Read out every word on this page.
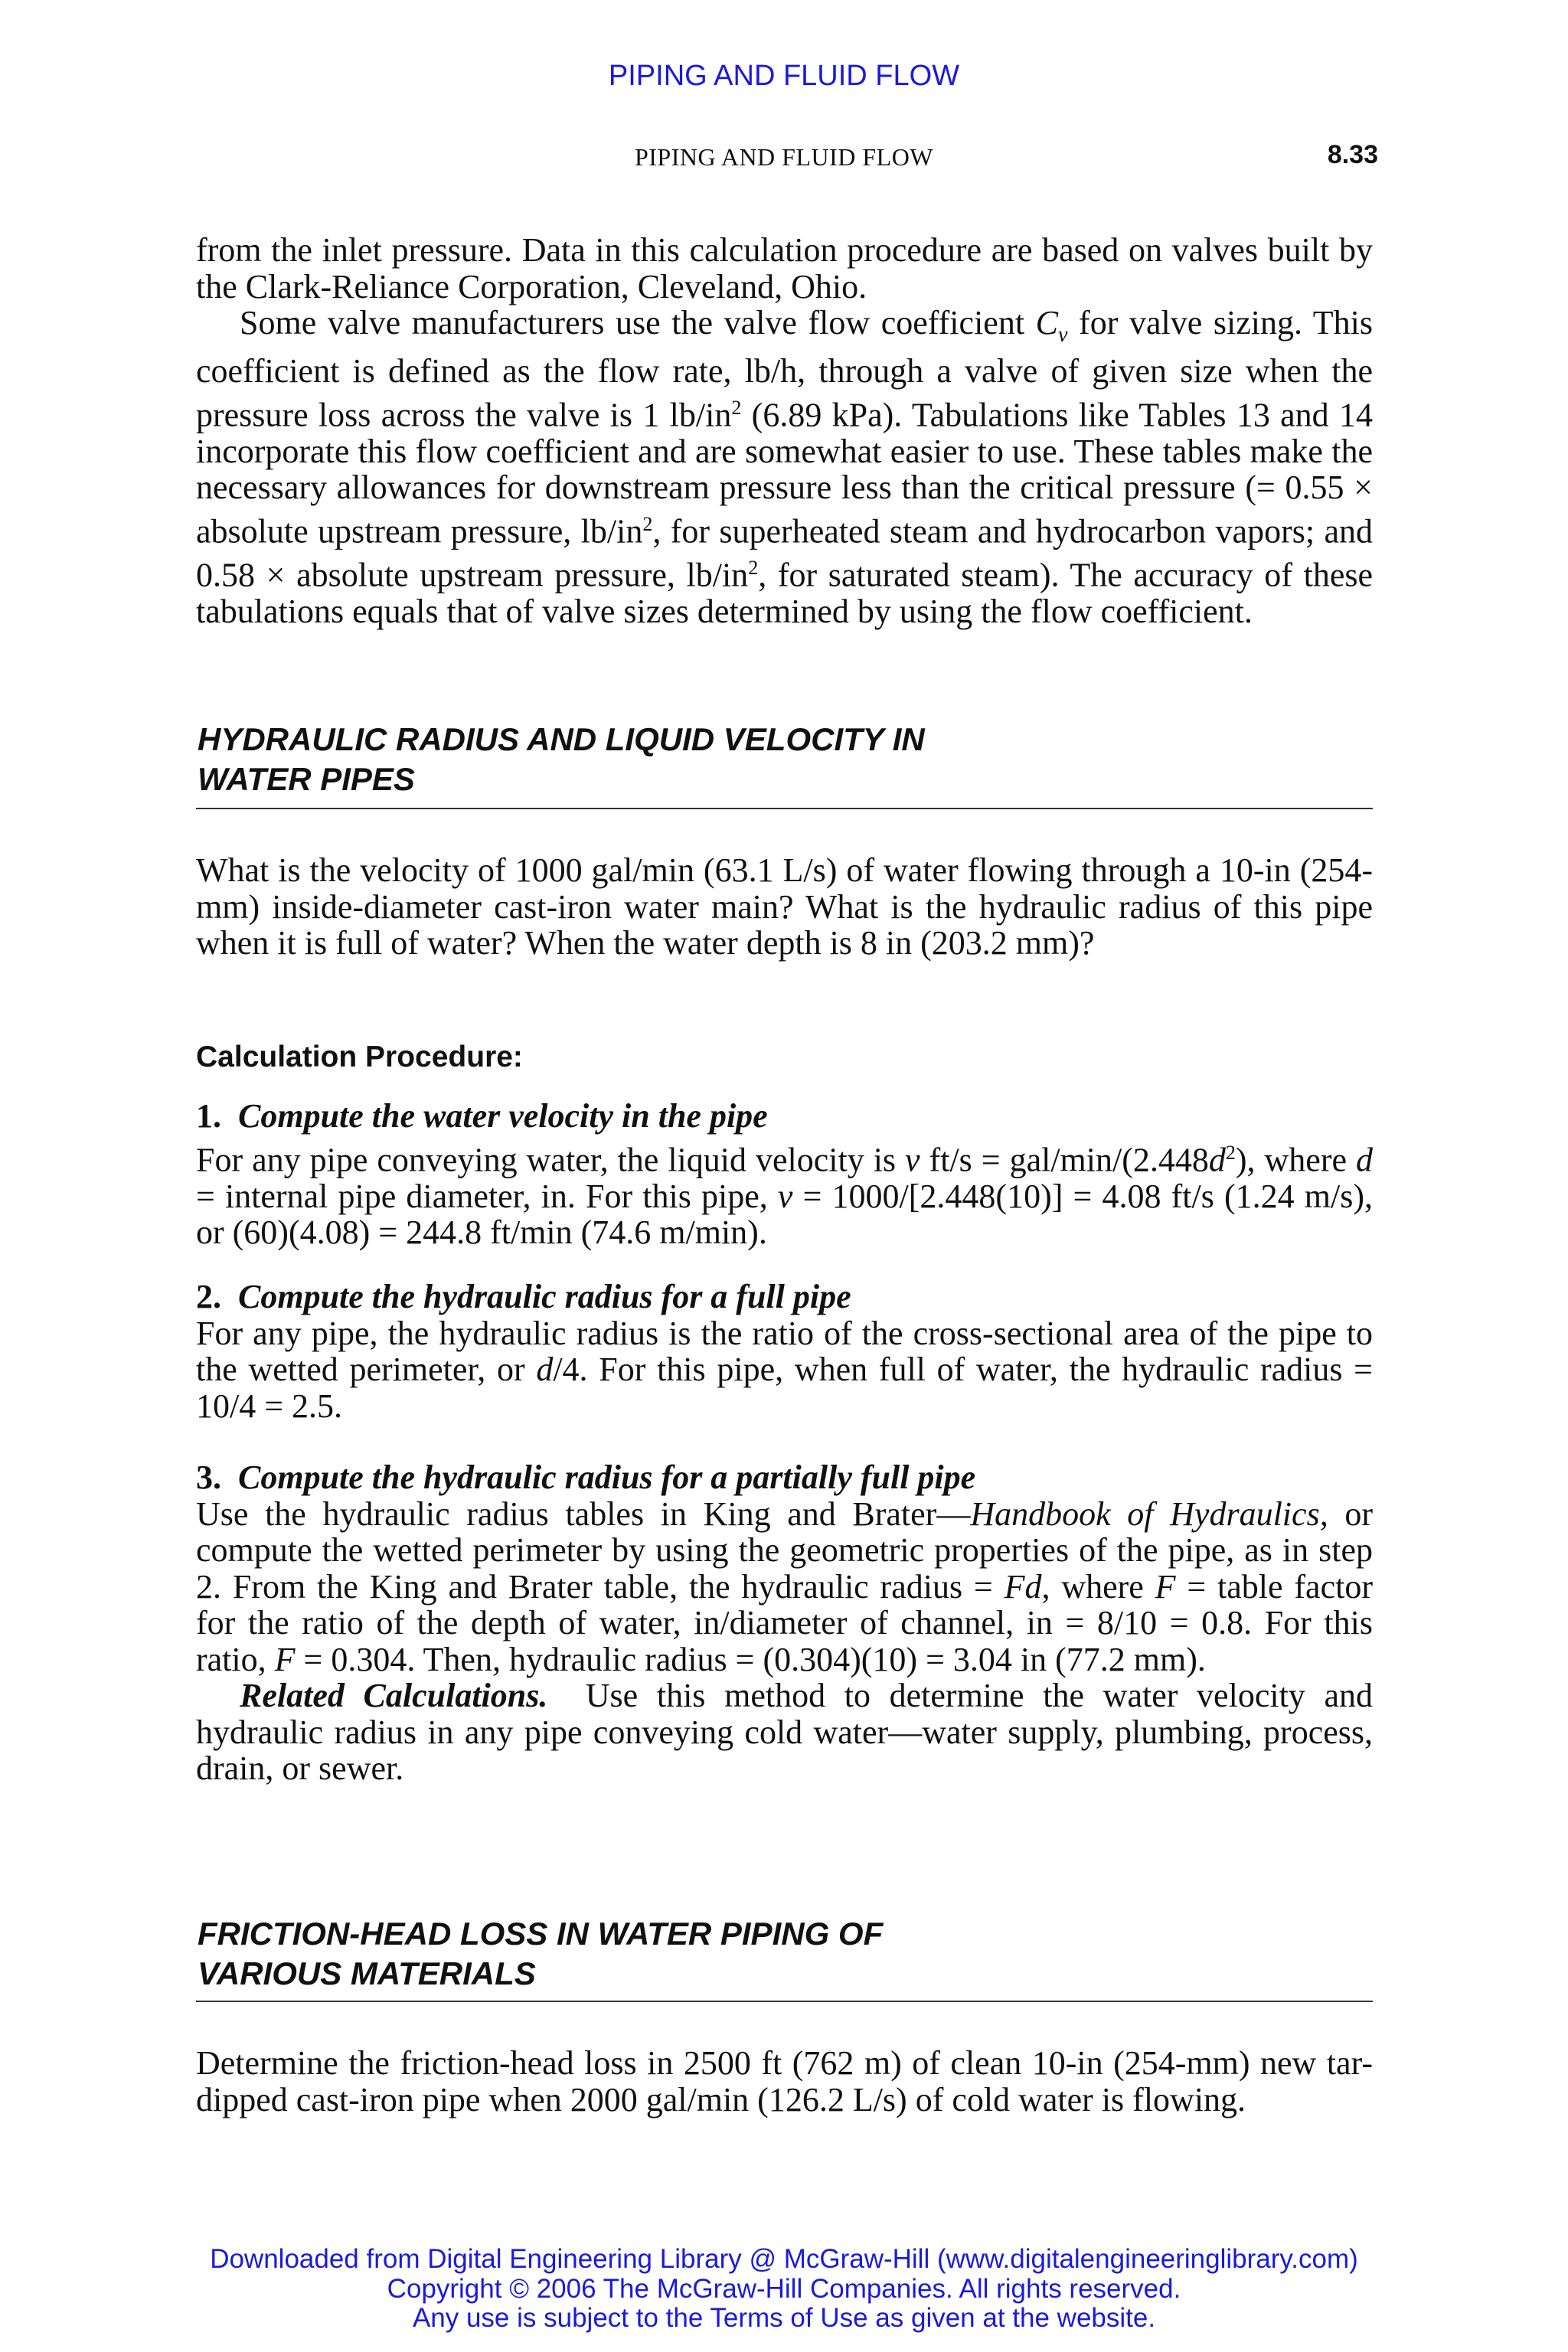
PIPING AND FLUID FLOW
PIPING AND FLUID FLOW	8.33

from the inlet pressure. Data in this calculation procedure are based on valves built by the Clark-Reliance Corporation, Cleveland, Ohio.

Some valve manufacturers use the valve flow coefficient $C_v$ for valve sizing. This coefficient is defined as the flow rate, lb/h, through a valve of given size when the pressure loss across the valve is 1 $lb/in^2$ (6.89 kPa). Tabulations like Tables 13 and 14 incorporate this flow coefficient and are somewhat easier to use. These tables make the necessary allowances for downstream pressure less than the critical pressure (= 0.55 × absolute upstream pressure, $lb/in^2$, for superheated steam and hydrocarbon vapors; and 0.58 × absolute upstream pressure, $lb/in^2$, for saturated steam). The accuracy of these tabulations equals that of valve sizes determined by using the flow coefficient.

HYDRAULIC RADIUS AND LIQUID VELOCITY IN
WATER PIPES

What is the velocity of 1000 gal/min (63.1 L/s) of water flowing through a 10-in (254-mm) inside-diameter cast-iron water main? What is the hydraulic radius of this pipe when it is full of water? When the water depth is 8 in (203.2 mm)?

Calculation Procedure:

1. Compute the water velocity in the pipe

For any pipe conveying water, the liquid velocity is v ft/s = gal/$\min/(2.448d^2)$, where d = internal pipe diameter, in. For this pipe, v = 1000/[2.448(10)] = 4.08 ft/s (1.24 m/s), or (60)(4.08) = 244.8 ft/min (74.6 m/min).

2. Compute the hydraulic radius for a full pipe

For any pipe, the hydraulic radius is the ratio of the cross-sectional area of the pipe to the wetted perimeter, or d/4. For this pipe, when full of water, the hydraulic radius = 10/4 = 2.5.

3. Compute the hydraulic radius for a partially full pipe

Use the hydraulic radius tables in King and Brater—Handbook of Hydraulics, or compute the wetted perimeter by using the geometric properties of the pipe, as in step 2. From the King and Brater table, the hydraulic radius = Fd, where F = table factor for the ratio of the depth of water, in/diameter of channel, in = 8/10 = 0.8. For this ratio, F = 0.304. Then, hydraulic radius = (0.304)(10) = 3.04 in (77.2 mm).

Related Calculations. Use this method to determine the water velocity and hydraulic radius in any pipe conveying cold water—water supply, plumbing, process, drain, or sewer.

FRICTION-HEAD LOSS IN WATER PIPING OF
VARIOUS MATERIALS

Determine the friction-head loss in 2500 ft (762 m) of clean 10-in (254-mm) new tar-dipped cast-iron pipe when 2000 gal/min (126.2 L/s) of cold water is flowing.

Downloaded from Digital Engineering Library @ McGraw-Hill (www.digitalengineeringlibrary.com)
Copyright © 2006 The McGraw-Hill Companies. All rights reserved.
Any use is subject to the Terms of Use as given at the website.
